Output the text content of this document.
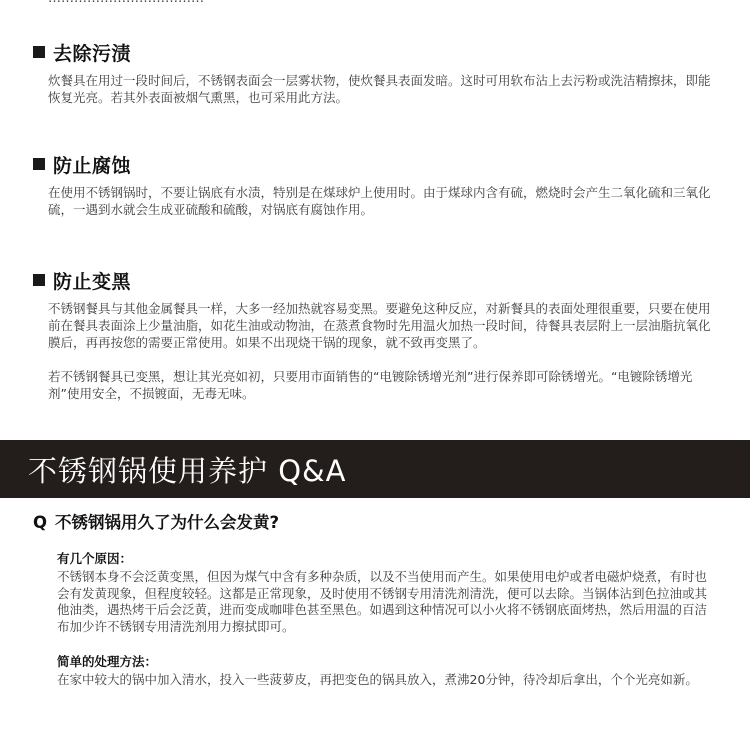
去除污渍

炊餐具在用过一段时间后，不锈钢表面会一层雾状物，使炊餐具表面发暗。这时可用软布沾上去污粉或洗洁精擦抹，即能恢复光亮。若其外表面被烟气熏黑，也可采用此方法。

防止腐蚀

在使用不锈钢锅时，不要让锅底有水渍，特别是在煤球炉上使用时。由于煤球内含有硫，燃烧时会产生二氧化硫和三氧化硫，一遇到水就会生成亚硫酸和硫酸，对锅底有腐蚀作用。

防止变黑

不锈钢餐具与其他金属餐具一样，大多一经加热就容易变黑。要避免这种反应，对新餐具的表面处理很重要，只要在使用前在餐具表面涂上少量油脂，如花生油或动物油，在蒸煮食物时先用温火加热一段时间，待餐具表层附上一层油脂抗氧化膜后，再再按您的需要正常使用。如果不出现烧干锅的现象，就不致再变黑了。

若不锈钢餐具已变黑，想让其光亮如初，只要用市面销售的“电镀除锈增光剂”进行保养即可除锈增光。“电镀除锈增光剂”使用安全，不损镀面，无毒无味。

不锈钢锅使用养护 Q&A
Q 不锈钢锅用久了为什么会发黄?
有几个原因：

不锈钢本身不会泛黄变黑，但因为煤气中含有多种杂质，以及不当使用而产生。如果使用电炉或者电磁炉烧煮，有时也会有发黄现象，但程度较轻。这都是正常现象，及时使用不锈钢专用清洗剂清洗，便可以去除。当锅体沾到色拉油或其他油类，遇热烤干后会泛黄，进而变成咖啡色甚至黑色。如遇到这种情况可以小火将不锈钢底面烤热，然后用温的百洁布加少许不锈钢专用清洗剂用力擦拭即可。

简单的处理方法：

在家中较大的锅中加入清水，投入一些菠萝皮，再把变色的锅具放入，煮沸20分钟，待冷却后拿出，个个光亮如新。
